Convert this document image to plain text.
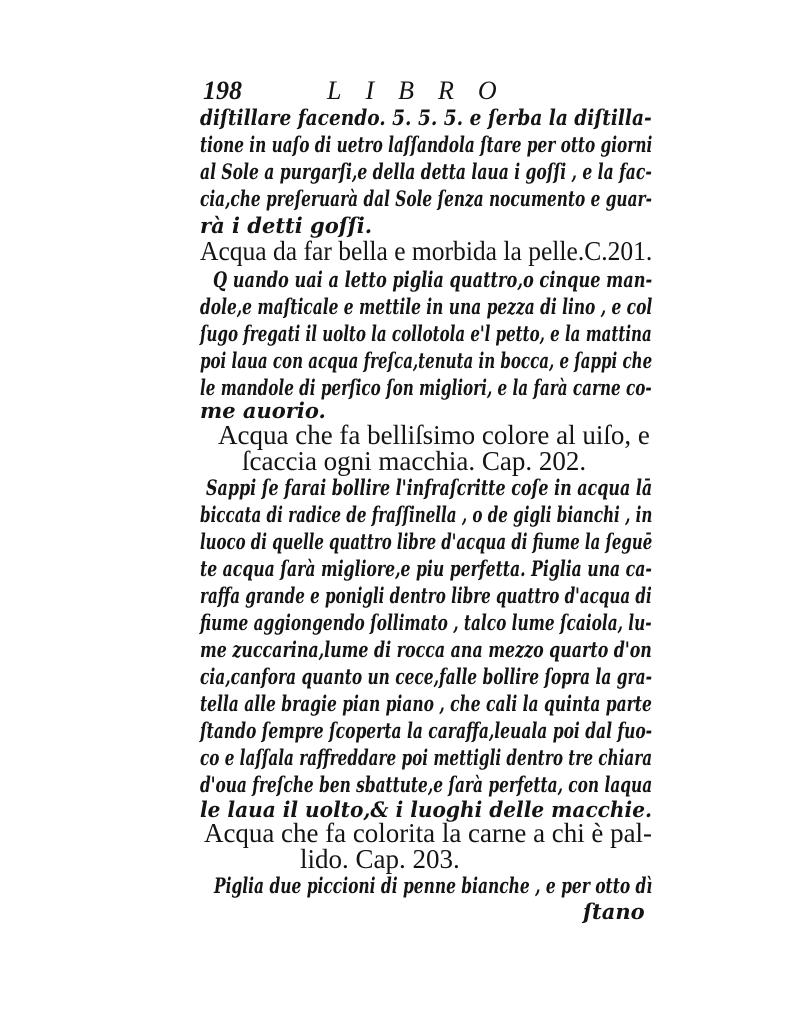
198	LIBRO
diſtillare facendo. 5. 5. 5. e ſerba la diſtilla-
tione in uaſo di uetro laſſandola ſtare per otto giorni
al Sole a purgarſi,e della detta laua i goſſi , e la fac-
cia,che preſeruarà dal Sole ſenza nocumento e guar-
rà i detti goſſi.
Acqua da far bella e morbida la pelle.C.201.
Q uando uai a letto piglia quattro,o cinque man-
dole,e maſticale e mettile in una pezza di lino , e col
ſugo fregati il uolto la collotola e'l petto, e la mattina
poi laua con acqua freſca,tenuta in bocca, e ſappi che
le mandole di perſico ſon migliori, e la farà carne co-
me auorio.
Acqua che fa belliſsimo colore al uiſo, e
ſcaccia ogni macchia. Cap. 202.
Sappi ſe farai bollire l'infraſcritte coſe in acqua lā
biccata di radice de fraſſinella , o de gigli bianchi , in
luoco di quelle quattro libre d'acqua di fiume la ſeguē
te acqua ſarà migliore,e piu perfetta. Piglia una ca-
raffa grande e ponigli dentro libre quattro d'acqua di
fiume aggiongendo ſollimato , talco lume ſcaiola, lu-
me zuccarina,lume di rocca ana mezzo quarto d'on
cia,canfora quanto un cece,falle bollire ſopra la gra-
tella alle bragie pian piano , che cali la quinta parte
ſtando ſempre ſcoperta la caraffa,leuala poi dal fuo-
co e laſſala raffreddare poi mettigli dentro tre chiara
d'oua freſche ben sbattute,e ſarà perfetta, con laqua
le laua il uolto,& i luoghi delle macchie.
Acqua che fa colorita la carne a chi è pal-
lido. Cap. 203.
Piglia due piccioni di penne bianche , e per otto dì
ſtano
